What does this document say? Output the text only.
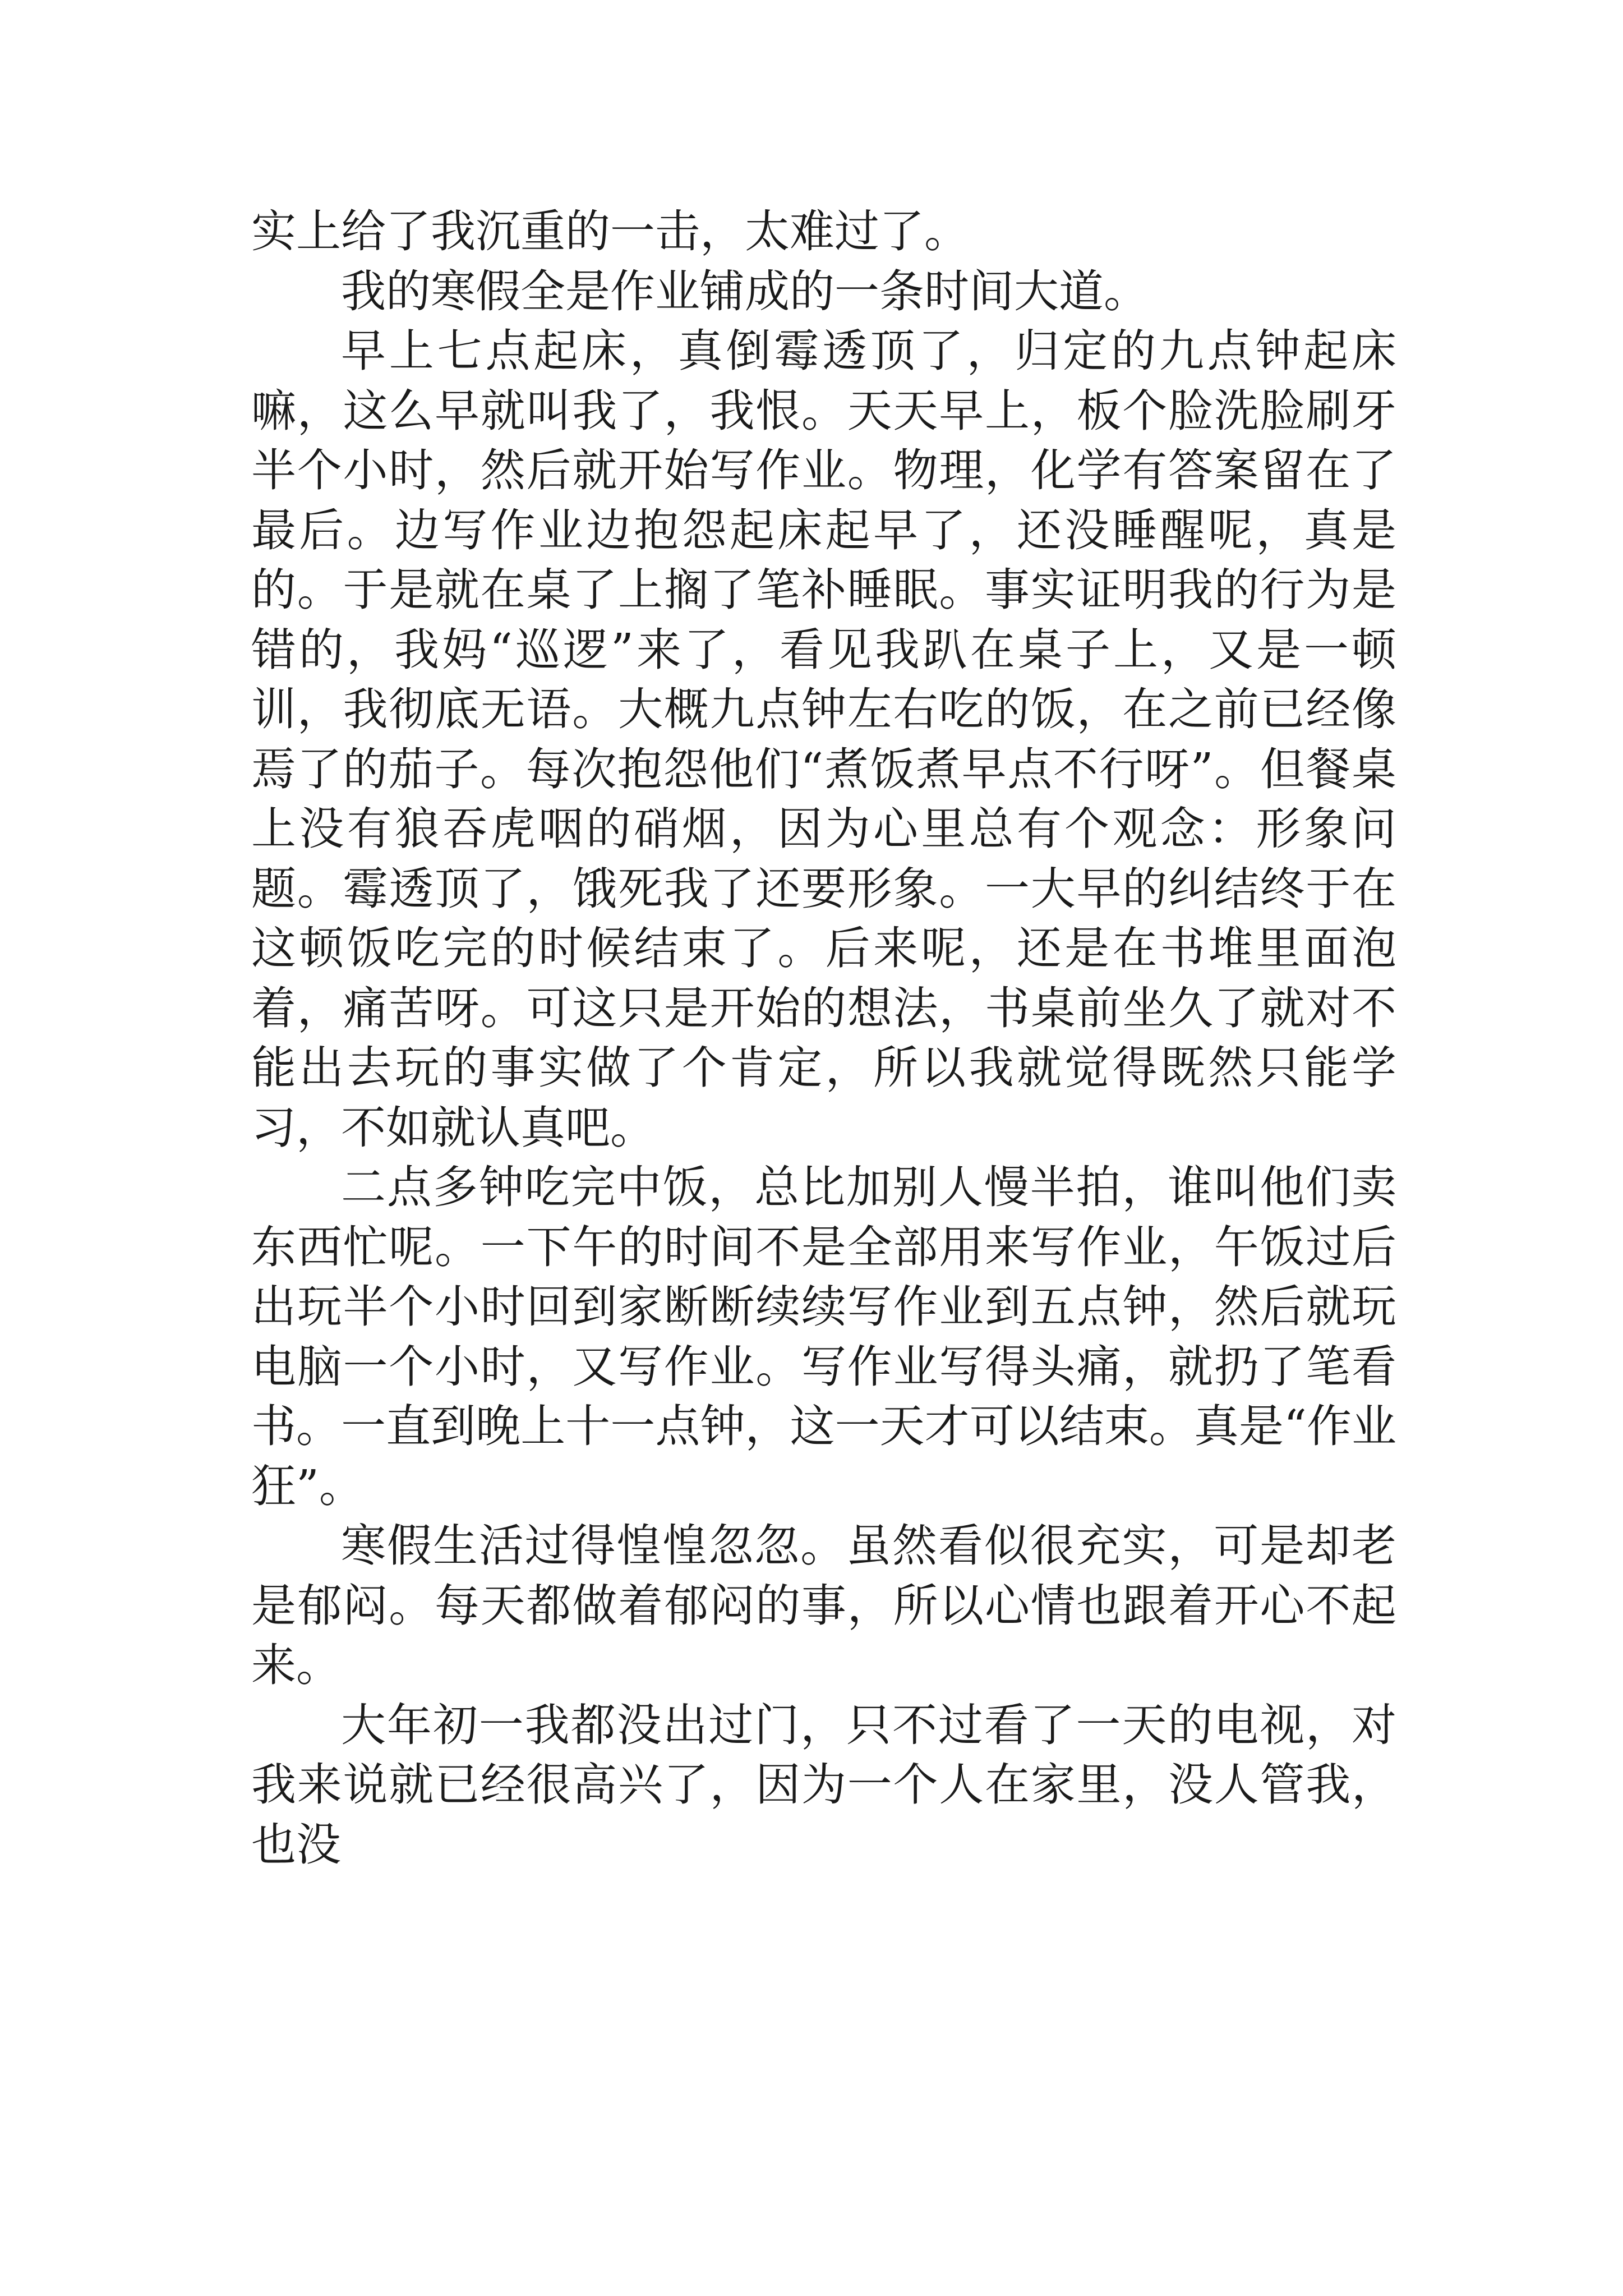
实上给了我沉重的一击，太难过了。

我的寒假全是作业铺成的一条时间大道。

早上七点起床，真倒霉透顶了，归定的九点钟起床嘛，这么早就叫我了，我恨。天天早上，板个脸洗脸刷牙半个小时，然后就开始写作业。物理，化学有答案留在了最后。边写作业边抱怨起床起早了，还没睡醒呢，真是的。于是就在桌了上搁了笔补睡眠。事实证明我的行为是错的，我妈“巡逻”来了，看见我趴在桌子上，又是一顿训，我彻底无语。大概九点钟左右吃的饭，在之前已经像焉了的茄子。每次抱怨他们“煮饭煮早点不行呀”。但餐桌上没有狼吞虎咽的硝烟，因为心里总有个观念：形象问题。霉透顶了，饿死我了还要形象。一大早的纠结终于在这顿饭吃完的时候结束了。后来呢，还是在书堆里面泡着，痛苦呀。可这只是开始的想法，书桌前坐久了就对不能出去玩的事实做了个肯定，所以我就觉得既然只能学习，不如就认真吧。

二点多钟吃完中饭，总比加别人慢半拍，谁叫他们卖东西忙呢。一下午的时间不是全部用来写作业，午饭过后出玩半个小时回到家断断续续写作业到五点钟，然后就玩电脑一个小时，又写作业。写作业写得头痛，就扔了笔看书。一直到晚上十一点钟，这一天才可以结束。真是“作业狂”。

寒假生活过得惶惶忽忽。虽然看似很充实，可是却老是郁闷。每天都做着郁闷的事，所以心情也跟着开心不起来。

大年初一我都没出过门，只不过看了一天的电视，对我来说就已经很高兴了，因为一个人在家里，没人管我，也没
